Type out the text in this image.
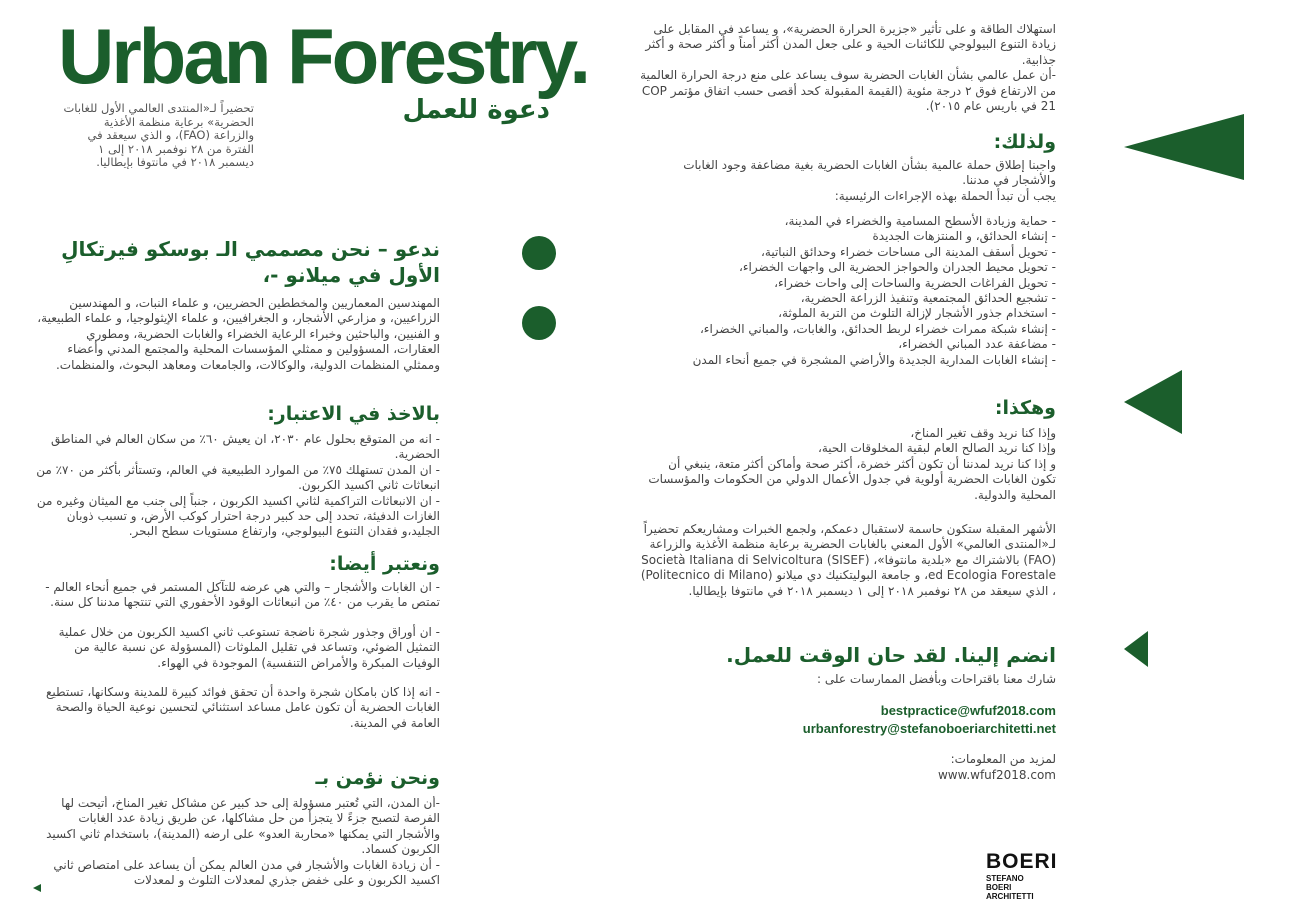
Urban Forestry.
دعوة للعمل
تحضيراً لـ«المنتدى العالمي الأول للغابات الحضرية» برعاية منظمة الأغذية والزراعة (FAO)، و الذي سيعقد في الفترة من ٢٨ نوفمبر ٢٠١٨ إلى ١ ديسمبر ٢٠١٨ في مانتوفا بإيطاليا.
ندعو – نحن مصممي الـ بوسكو فيرتكالِ الأول في ميلانو -،
المهندسين المعماريين والمخططين الحضريين، و علماء النبات، و المهندسين الزراعيين، و مزارعي الأشجار، و الجغرافيين، و علماء الإيثولوجيا، و علماء الطبيعية، و الفنيين، والباحثين وخبراء الرعاية الخضراء والغابات الحضرية، ومطوري العقارات، المسؤولين و ممثلي المؤسسات المحلية والمجتمع المدني وأعضاء وممثلي المنظمات الدولية، والوكالات، والجامعات ومعاهد البحوث، والمنظمات.
بالاخذ في الاعتبار:
- انه من المتوقع بحلول عام ٢٠٣٠، ان يعيش ٦٠٪ من سكان العالم في المناطق الحضرية.
- ان المدن تستهلك ٧٥٪ من الموارد الطبيعية في العالم، وتستأثر بأكثر من ٧٠٪ من انبعاثات ثاني اكسيد الكربون.
- ان الانبعاثات التراكمية لثاني اكسيد الكربون ، جنباً إلى جنب مع الميثان وغيره من الغازات الدفيئة، تحدد إلى حد كبير درجة احترار كوكب الأرض، و تسبب ذوبان الجليد،و فقدان التنوع البيولوجي، وارتفاع مستويات سطح البحر.
ونعتبر أيضا:
- ان الغابات والأشجار – والتي هي عرضه للتآكل المستمر في جميع أنحاء العالم - تمتص ما يقرب من ٤٠٪ من انبعاثات الوقود الأحفوري التي تنتجها مدننا كل سنة.
- ان أوراق وجذور شجرة ناضجة تستوعب ثاني اكسيد الكربون من خلال عملية التمثيل الضوئي، وتساعد في تقليل الملوثات (المسؤولة عن نسبة عالية من الوفيات المبكرة والأمراض التنفسية) الموجودة في الهواء.
- انه إذا كان بامكان شجرة واحدة أن تحقق فوائد كبيرة للمدينة وسكانها، تستطيع الغابات الحضرية أن تكون عامل مساعد استثنائي لتحسين نوعية الحياة والصحة العامة في المدينة.
ونحن نؤمن بـ
-أن المدن، التي تُعتبر مسؤولة إلى حد كبير عن مشاكل تغير المناخ، أتيحت لها الفرصة لتصبح جزءً لا يتجزأ من حل مشاكلها، عن طريق زيادة عدد الغابات والأشجار التي يمكنها «محاربة العدو» على ارضه (المدينة)، باستخدام ثاني اكسيد الكربون كسماد.
- أن زيادة الغابات والأشجار في مدن العالم يمكن أن يساعد على امتصاص ثاني اكسيد الكربون و على خفض جذري لمعدلات التلوث و لمعدلات
استهلاك الطاقة و على تأثير «جزيرة الحرارة الحضرية»، و يساعد في المقابل على زيادة التنوع البيولوجي للكائنات الحية و على جعل المدن أكثر أمناً و أكثر صحة و أكثر جذابية.
-أن عمل عالمي بشأن الغابات الحضرية سوف يساعد على منع درجة الحرارة العالمية من الارتفاع فوق ٢ درجة مئوية (القيمة المقبولة كحد أقصى حسب اتفاق مؤتمر COP 21 في باريس عام ٢٠١٥).
ولذلك:
واجبنا إطلاق حملة عالمية بشأن الغابات الحضرية بغية مضاعفة وجود الغابات والأشجار في مدننا.
يجب أن تبدأ الحملة بهذه الإجراءات الرئيسية:
- حماية وزيادة الأسطح المسامية والخضراء في المدينة،
- إنشاء الحدائق، و المنتزهات الجديدة
- تحويل أسقف المدينة الى مساحات خضراء وحدائق النباتية،
- تحويل محيط الجدران والحواجز الحضرية الى واجهات الخضراء،
- تحويل الفراغات الحضرية والساحات إلى واحات خضراء،
- تشجيع الحدائق المجتمعية وتنفيذ الزراعة الحضرية،
- استخدام جذور الأشجار لإزالة التلوث من التربة الملوثة،
- إنشاء شبكة ممرات خضراء لربط الحدائق، والغابات، والمباني الخضراء،
- مضاعفة عدد المباني الخضراء،
- إنشاء الغابات المدارية الجديدة والأراضي المشجرة في جميع أنحاء المدن
وهكذا:
وإذا كنا نريد وقف تغير المناخ،
وإذا كنا نريد الصالح العام لبقية المخلوقات الحية،
و إذا كنا نريد لمدننا أن تكون أكثر خضرة، أكثر صحة وأماكن أكثر متعة، ينبغي أن تكون الغابات الحضرية أولوية في جدول الأعمال الدولي من الحكومات والمؤسسات المحلية والدولية.
الأشهر المقبلة ستكون حاسمة لاستقبال دعمكم، ولجمع الخبرات ومشاريعكم تحضيراً لـ«المنتدى العالمي» الأول المعني بالغابات الحضرية برعاية منظمة الأغذية والزراعة (FAO) بالاشتراك مع «بلدية مانتوفا»، (SISEF) Società Italiana di Selvicoltura ed Ecologia Forestale، و جامعة البوليتكنيك دي ميلانو (Politecnico di Milano) ، الذي سيعقد من ٢٨ نوفمبر ٢٠١٨ إلى ١ ديسمبر ٢٠١٨ في مانتوفا بإيطاليا.
انضم إلينا. لقد حان الوقت للعمل.
شارك معنا باقتراحات وبأفضل الممارسات على :
bestpractice@wfuf2018.com
urbanforestry@stefanoboeriarchitetti.net
لمزيد من المعلومات:
www.wfuf2018.com
BOERI
STEFANO
BOERI
ARCHITETTI
